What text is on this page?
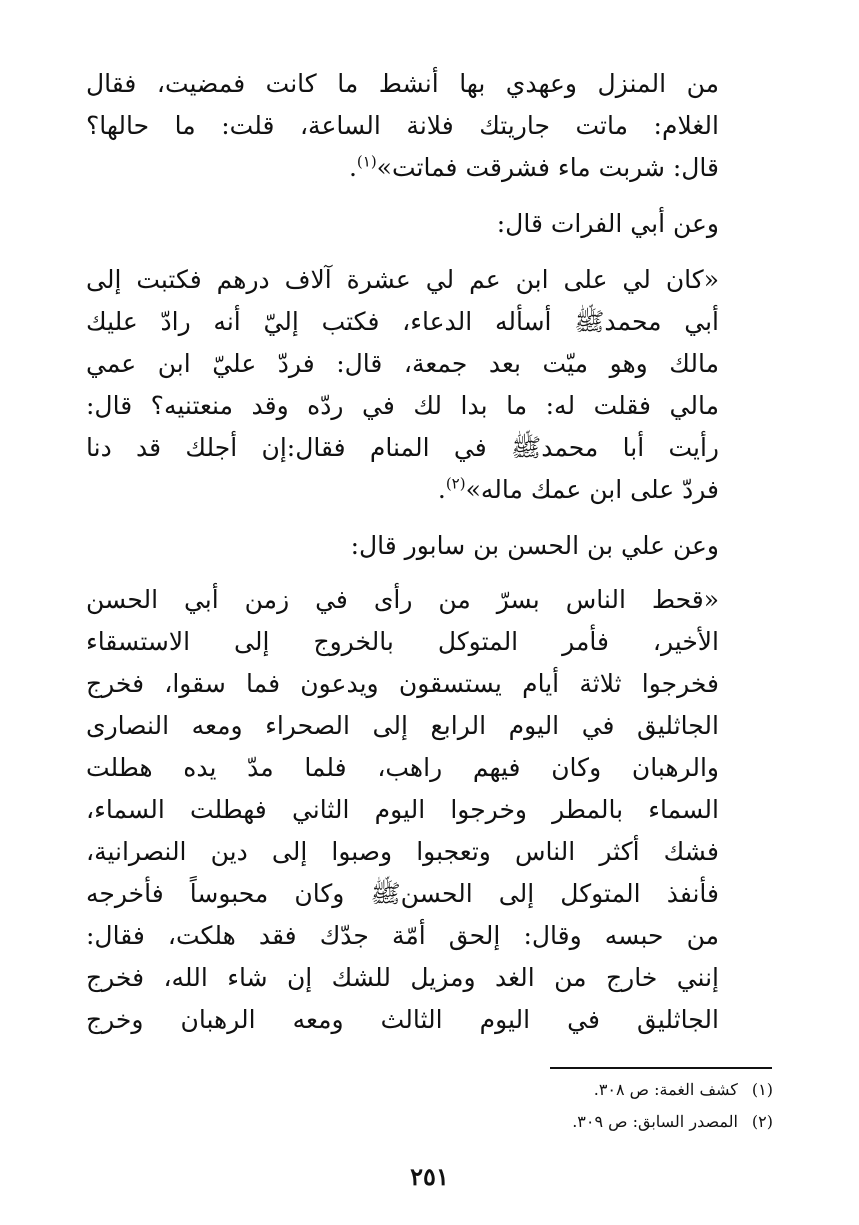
من المنزل وعهدي بها أنشط ما كانت فمضيت، فقال
الغلام: ماتت جاريتك فلانة الساعة، قلت: ما حالها؟
قال: شربت ماء فشرقت فماتت»$^{(١)}$.
وعن أبي الفرات قال:
«كان لي على ابن عم لي عشرة آلاف درهم فكتبت إلى
أبي محمدﷺ أسأله الدعاء، فكتب إليّ أنه رادّ عليك
مالك وهو ميّت بعد جمعة، قال: فردّ عليّ ابن عمي
مالي فقلت له: ما بدا لك في ردّه وقد منعتنيه؟ قال:
رأيت أبا محمدﷺ في المنام فقال:إن أجلك قد دنا
فردّ على ابن عمك ماله»$^{(٢)}$.
وعن علي بن الحسن بن سابور قال:
«قحط الناس بسرّ من رأى في زمن أبي الحسن
الأخير، فأمر المتوكل بالخروج إلى الاستسقاء
فخرجوا ثلاثة أيام يستسقون ويدعون فما سقوا، فخرج
الجاثليق في اليوم الرابع إلى الصحراء ومعه النصارى
والرهبان وكان فيهم راهب، فلما مدّ يده هطلت
السماء بالمطر وخرجوا اليوم الثاني فهطلت السماء،
فشك أكثر الناس وتعجبوا وصبوا إلى دين النصرانية،
فأنفذ المتوكل إلى الحسنﷺ وكان محبوساً فأخرجه
من حبسه وقال: إلحق أمّة جدّك فقد هلكت، فقال:
إنني خارج من الغد ومزيل للشك إن شاء الله، فخرج
الجاثليق في اليوم الثالث ومعه الرهبان وخرج
(١)كشف الغمة: ص ٣٠٨.
(٢)المصدر السابق: ص ٣٠٩.
٢٥١
